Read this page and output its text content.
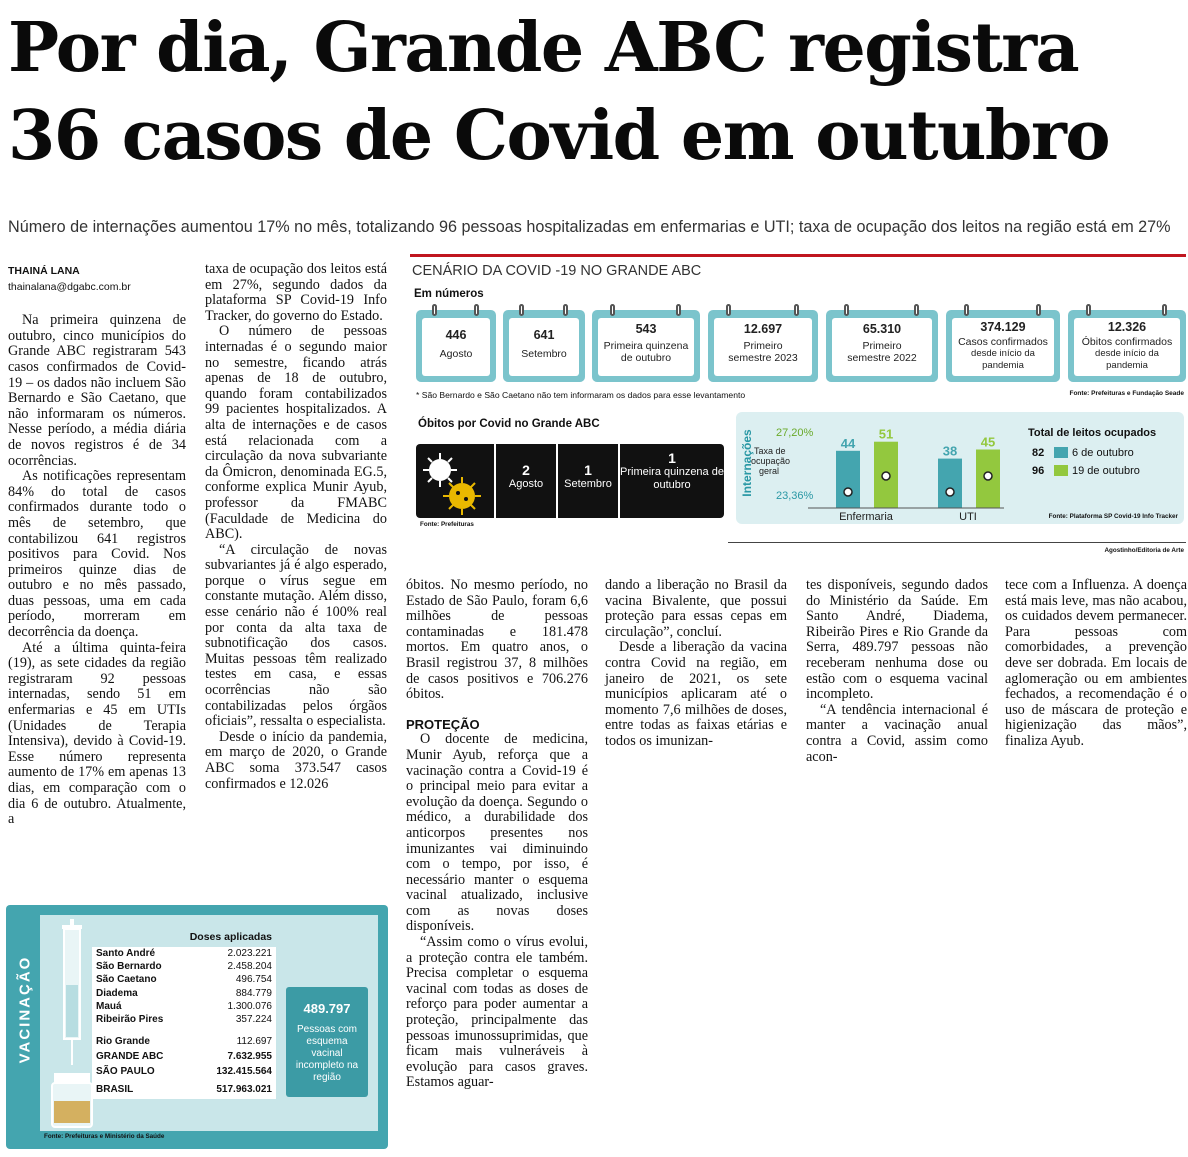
Por dia, Grande ABC registra
36 casos de Covid em outubro
Número de internações aumentou 17% no mês, totalizando 96 pessoas hospitalizadas em enfermarias e UTI; taxa de ocupação dos leitos na região está em 27%

THAINÁ LANA

thainalana@dgabc.com.br

Na primeira quinzena de outubro, cinco municípios do Grande ABC registraram 543 casos confirmados de Covid-19 – os dados não incluem São Bernardo e São Caetano, que não informaram os números. Nesse período, a média diária de novos registros é de 34 ocorrências.

As notificações representam 84% do total de casos confirmados durante todo o mês de setembro, que contabilizou 641 registros positivos para Covid. Nos primeiros quinze dias de outubro e no mês passado, duas pessoas, uma em cada período, morreram em decorrência da doença.

Até a última quinta-feira (19), as sete cidades da região registraram 92 pessoas internadas, sendo 51 em enfermarias e 45 em UTIs (Unidades de Terapia Intensiva), devido à Covid-19. Esse número representa aumento de 17% em apenas 13 dias, em comparação com o dia 6 de outubro. Atualmente, a

taxa de ocupação dos leitos está em 27%, segundo dados da plataforma SP Covid-19 Info Tracker, do governo do Estado.

O número de pessoas internadas é o segundo maior no semestre, ficando atrás apenas de 18 de outubro, quando foram contabilizados 99 pacientes hospitalizados. A alta de internações e de casos está relacionada com a circulação da nova subvariante da Ômicron, denominada EG.5, conforme explica Munir Ayub, professor da FMABC (Faculdade de Medicina do ABC).

“A circulação de novas subvariantes já é algo esperado, porque o vírus segue em constante mutação. Além disso, esse cenário não é 100% real por conta da alta taxa de subnotificação dos casos. Muitas pessoas têm realizado testes em casa, e essas ocorrências não são contabilizadas pelos órgãos oficiais”, ressalta o especialista.

Desde o início da pandemia, em março de 2020, o Grande ABC soma 373.547 casos confirmados e 12.026

óbitos. No mesmo período, no Estado de São Paulo, foram 6,6 milhões de pessoas contaminadas e 181.478 mortos. Em quatro anos, o Brasil registrou 37, 8 milhões de casos positivos e 706.276 óbitos.

PROTEÇÃO

O docente de medicina, Munir Ayub, reforça que a vacinação contra a Covid-19 é o principal meio para evitar a evolução da doença. Segundo o médico, a durabilidade dos anticorpos presentes nos imunizantes vai diminuindo com o tempo, por isso, é necessário manter o esquema vacinal atualizado, inclusive com as novas doses disponíveis.

“Assim como o vírus evolui, a proteção contra ele também. Precisa completar o esquema vacinal com todas as doses de reforço para poder aumentar a proteção, principalmente das pessoas imunossuprimidas, que ficam mais vulneráveis à evolução para casos graves. Estamos aguar-

dando a liberação no Brasil da vacina Bivalente, que possui proteção para essas cepas em circulação”, concluí.

Desde a liberação da vacina contra Covid na região, em janeiro de 2021, os sete municípios aplicaram até o momento 7,6 milhões de doses, entre todas as faixas etárias e todos os imunizan-

tes disponíveis, segundo dados do Ministério da Saúde. Em Santo André, Diadema, Ribeirão Pires e Rio Grande da Serra, 489.797 pessoas não receberam nenhuma dose ou estão com o esquema vacinal incompleto.

“A tendência internacional é manter a vacinação anual contra a Covid, assim como acon-

tece com a Influenza. A doença está mais leve, mas não acabou, os cuidados devem permanecer. Para pessoas com comorbidades, a prevenção deve ser dobrada. Em locais de aglomeração ou em ambientes fechados, a recomendação é o uso de máscara de proteção e higienização das mãos”, finaliza Ayub.

CENÁRIO DA COVID -19 NO GRANDE ABC
Em números
446
Agosto
641
Setembro
543
Primeira quinzena de outubro
12.697
Primeiro semestre 2023
65.310
Primeiro semestre 2022
374.129
Casos confirmados
desde início da pandemia
12.326
Óbitos confirmados
desde início da pandemia
* São Bernardo e São Caetano não tem informaram os dados para esse levantamento	Fonte: Prefeituras e Fundação Seade
Óbitos por Covid no Grande ABC
2
Agosto
1
Setembro
1
Primeira quinzena de outubro
Fonte: Prefeituras
Internações 27,20%
Taxa de
ocupação
geral
23,36%
44
51
38
45
Enfermaria	UTI
Total de leitos ocupados
82	6 de outubro
96	19 de outubro
Fonte: Plataforma SP Covid-19 Info Tracker
Agostinho/Editoria de Arte
VACINAÇÃO
Doses aplicadas
Santo André	2.023.221
São Bernardo	2.458.204
São Caetano	496.754
Diadema	884.779
Mauá	1.300.076
Ribeirão Pires	357.224
Rio Grande	112.697
GRANDE ABC	7.632.955
SÃO PAULO	132.415.564
BRASIL	517.963.021
489.797
Pessoas com esquema vacinal incompleto na região
Fonte: Prefeituras e Ministério da Saúde
